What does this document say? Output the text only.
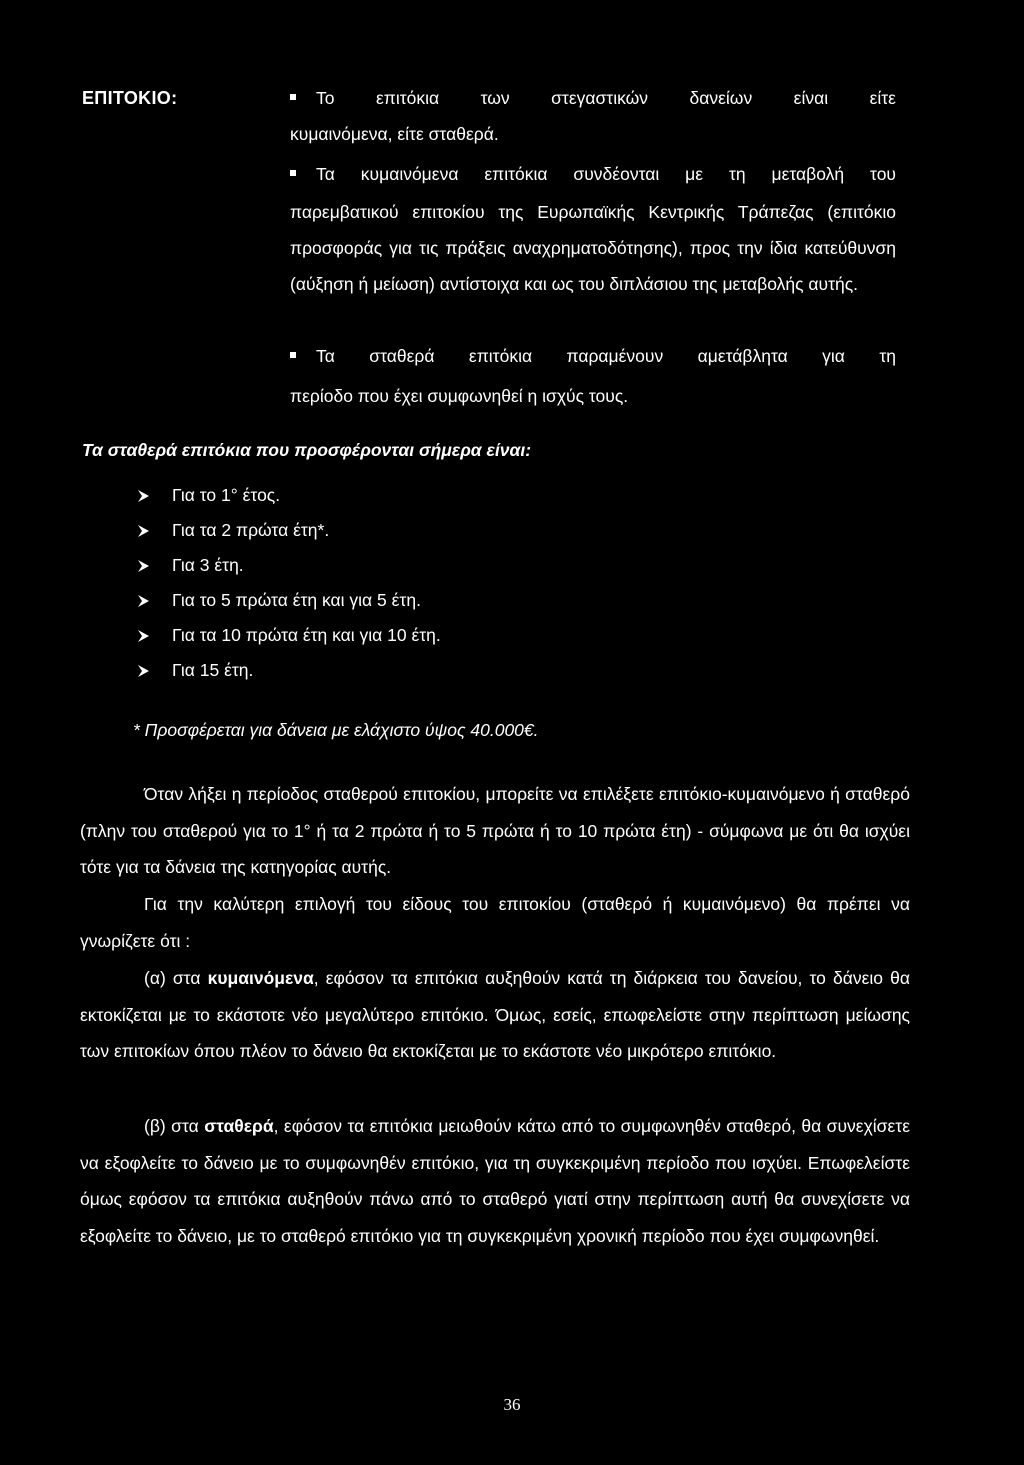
ΕΠΙΤΟΚΙΟ:	Το επιτόκια των στεγαστικών δανείων είναι είτε
κυμαινόμενα, είτε σταθερά.
Τα κυμαινόμενα επιτόκια συνδέονται με τη μεταβολή του
παρεμβατικού επιτοκίου της Ευρωπαϊκής Κεντρικής Τράπεζας (επιτόκιο προσφοράς για τις πράξεις αναχρηματοδότησης), προς την ίδια κατεύθυνση (αύξηση ή μείωση) αντίστοιχα και ως του διπλάσιου της μεταβολής αυτής.
Τα σταθερά επιτόκια παραμένουν αμετάβλητα για τη
περίοδο που έχει συμφωνηθεί η ισχύς τους.
Τα σταθερά επιτόκια που προσφέρονται σήμερα είναι:
Για το 1° έτος.
Για τα 2 πρώτα έτη*.
Για 3 έτη.
Για το 5 πρώτα έτη και για 5 έτη.
Για τα 10 πρώτα έτη και για 10 έτη.
Για 15 έτη.
* Προσφέρεται για δάνεια με ελάχιστο ύψος 40.000€.
Όταν λήξει η περίοδος σταθερού επιτοκίου, μπορείτε να επιλέξετε επιτόκιο-κυμαινόμενο ή σταθερό (πλην του σταθερού για το 1° ή τα 2 πρώτα ή το 5 πρώτα ή το 10 πρώτα έτη) - σύμφωνα με ότι θα ισχύει τότε για τα δάνεια της κατηγορίας αυτής.
Για την καλύτερη επιλογή του είδους του επιτοκίου (σταθερό ή κυμαινόμενο) θα πρέπει να γνωρίζετε ότι :
(α) στα κυμαινόμενα, εφόσον τα επιτόκια αυξηθούν κατά τη διάρκεια του δανείου, το δάνειο θα εκτοκίζεται με το εκάστοτε νέο μεγαλύτερο επιτόκιο. Όμως, εσείς, επωφελείστε στην περίπτωση μείωσης των επιτοκίων όπου πλέον το δάνειο θα εκτοκίζεται με το εκάστοτε νέο μικρότερο επιτόκιο.
(β) στα σταθερά, εφόσον τα επιτόκια μειωθούν κάτω από το συμφωνηθέν σταθερό, θα συνεχίσετε να εξοφλείτε το δάνειο με το συμφωνηθέν επιτόκιο, για τη συγκεκριμένη περίοδο που ισχύει. Επωφελείστε όμως εφόσον τα επιτόκια αυξηθούν πάνω από το σταθερό γιατί στην περίπτωση αυτή θα συνεχίσετε να εξοφλείτε το δάνειο, με το σταθερό επιτόκιο για τη συγκεκριμένη χρονική περίοδο που έχει συμφωνηθεί.
36
